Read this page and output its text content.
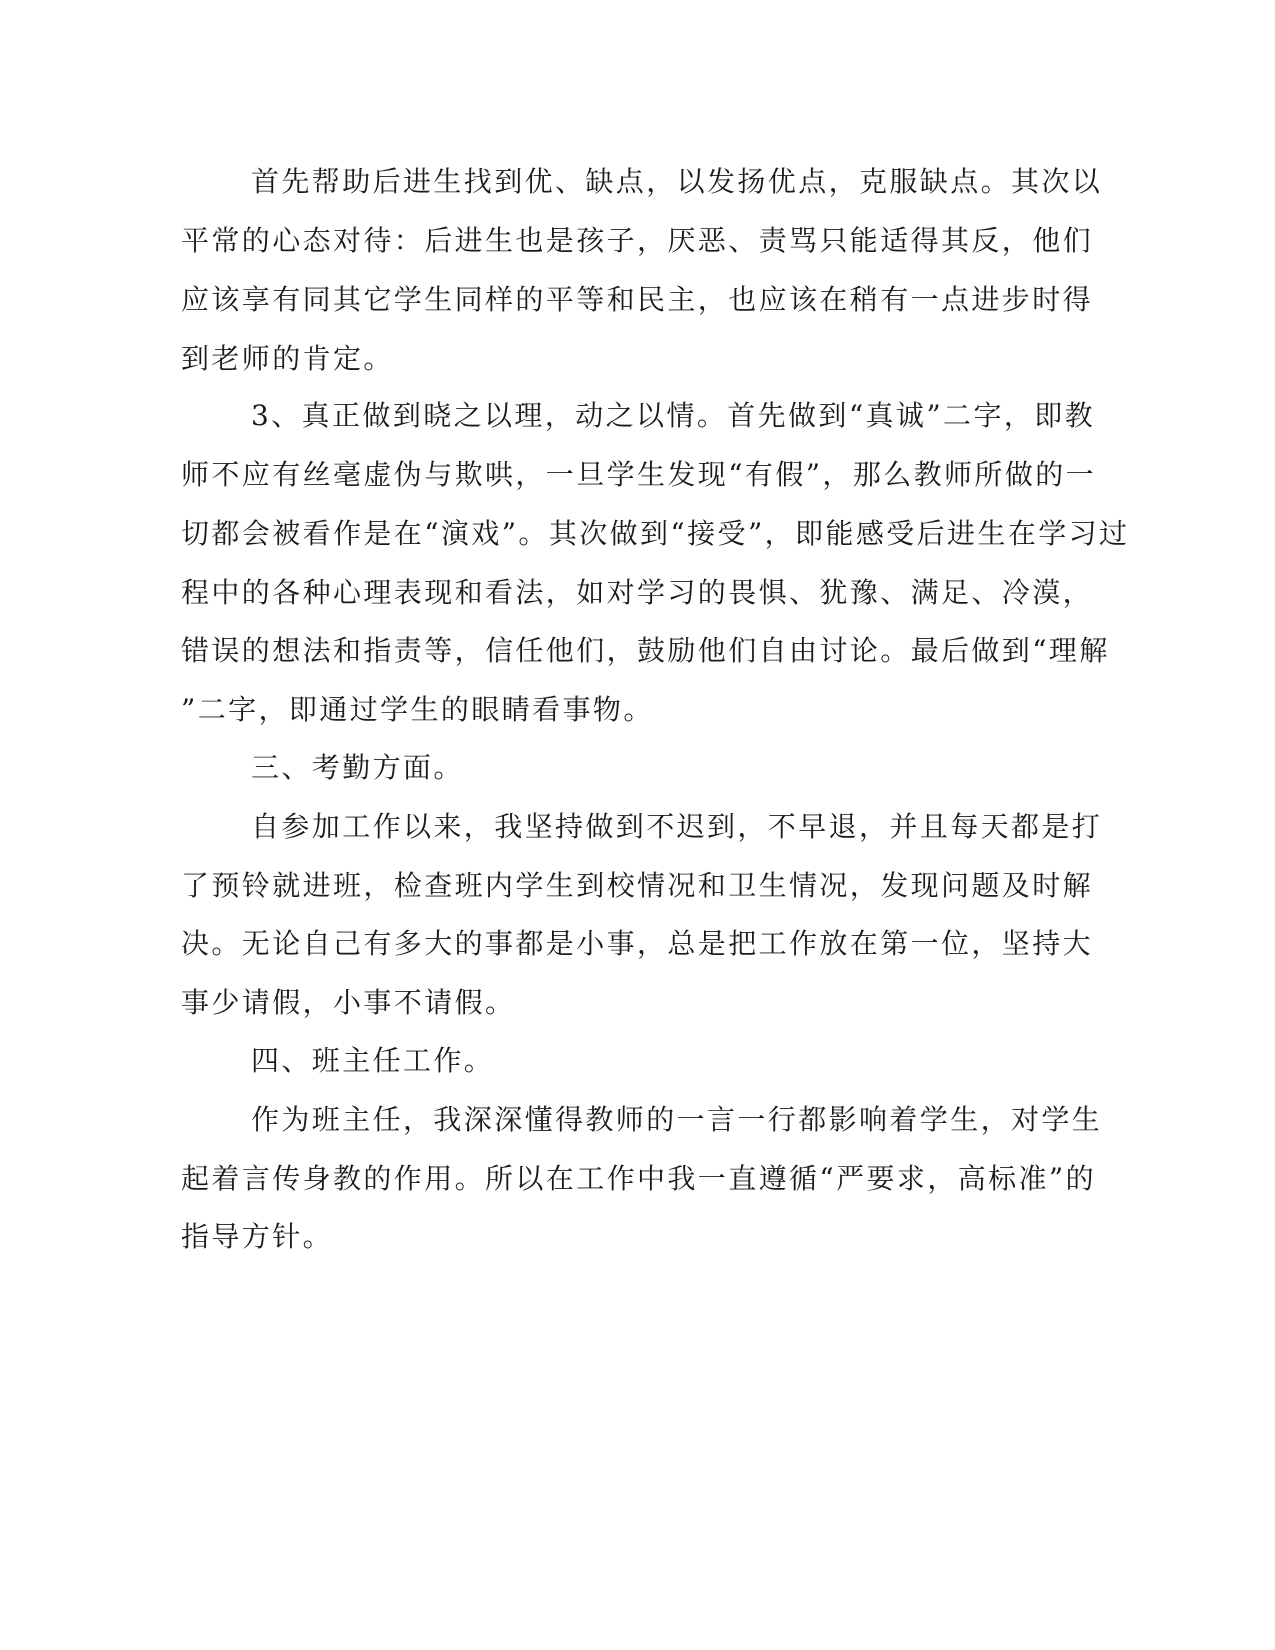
首先帮助后进生找到优、缺点，以发扬优点，克服缺点。其次以
平常的心态对待：后进生也是孩子，厌恶、责骂只能适得其反，他们
应该享有同其它学生同样的平等和民主，也应该在稍有一点进步时得
到老师的肯定。
3、真正做到晓之以理，动之以情。首先做到“真诚”二字，即教
师不应有丝毫虚伪与欺哄，一旦学生发现“有假”，那么教师所做的一
切都会被看作是在“演戏”。其次做到“接受”，即能感受后进生在学习过
程中的各种心理表现和看法，如对学习的畏惧、犹豫、满足、冷漠，
错误的想法和指责等，信任他们，鼓励他们自由讨论。最后做到“理解
”二字，即通过学生的眼睛看事物。
三、考勤方面。
自参加工作以来，我坚持做到不迟到，不早退，并且每天都是打
了预铃就进班，检查班内学生到校情况和卫生情况，发现问题及时解
决。无论自己有多大的事都是小事，总是把工作放在第一位，坚持大
事少请假，小事不请假。
四、班主任工作。
作为班主任，我深深懂得教师的一言一行都影响着学生，对学生
起着言传身教的作用。所以在工作中我一直遵循“严要求，高标准”的
指导方针。
